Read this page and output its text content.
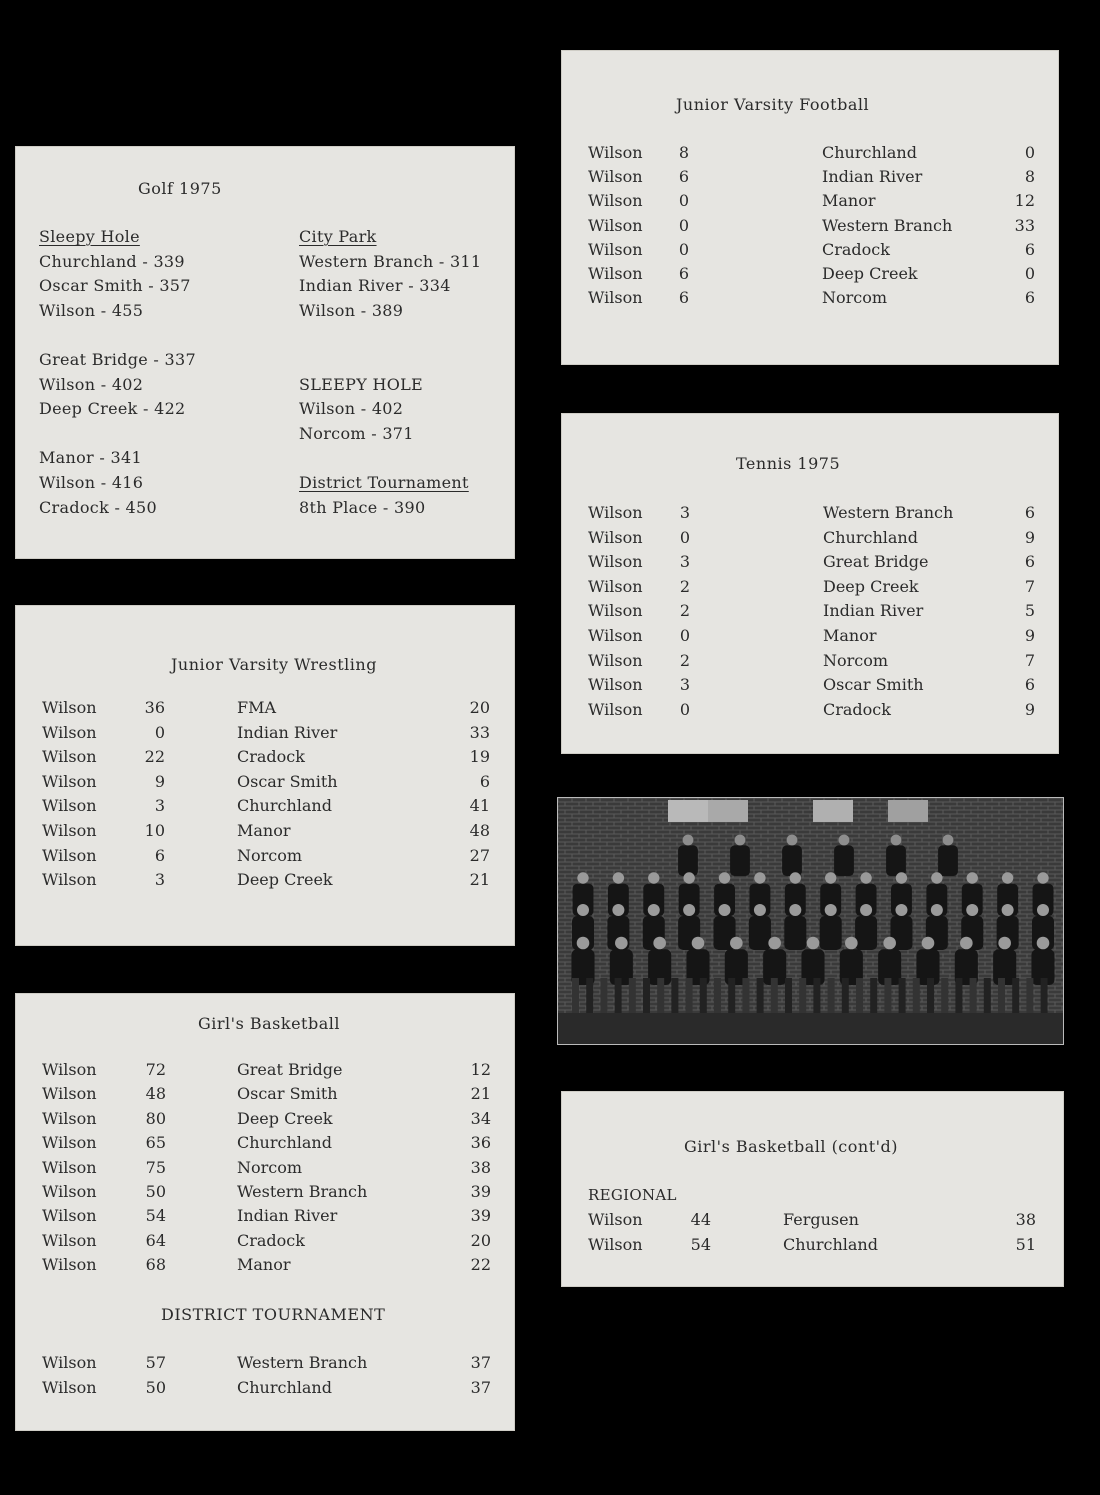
Golf 1975
Sleepy Hole
Churchland - 339
Oscar Smith - 357
Wilson - 455
Great Bridge - 337
Wilson - 402
Deep Creek - 422
Manor - 341
Wilson - 416
Cradock - 450
City Park
Western Branch - 311
Indian River - 334
Wilson - 389
SLEEPY HOLE
Wilson - 402
Norcom - 371
District Tournament
8th Place - 390
Junior Varsity Wrestling
Wilson	36	FMA	20
Wilson	0	Indian River	33
Wilson	22	Cradock	19
Wilson	9	Oscar Smith	6
Wilson	3	Churchland	41
Wilson	10	Manor	48
Wilson	6	Norcom	27
Wilson	3	Deep Creek	21
Girl's Basketball
Wilson	72	Great Bridge	12
Wilson	48	Oscar Smith	21
Wilson	80	Deep Creek	34
Wilson	65	Churchland	36
Wilson	75	Norcom	38
Wilson	50	Western Branch	39
Wilson	54	Indian River	39
Wilson	64	Cradock	20
Wilson	68	Manor	22
DISTRICT TOURNAMENT
Wilson	57	Western Branch	37
Wilson	50	Churchland	37
Junior Varsity Football
Wilson	8	Churchland	0
Wilson	6	Indian River	8
Wilson	0	Manor	12
Wilson	0	Western Branch	33
Wilson	0	Cradock	6
Wilson	6	Deep Creek	0
Wilson	6	Norcom	6
Tennis 1975
Wilson	3	Western Branch	6
Wilson	0	Churchland	9
Wilson	3	Great Bridge	6
Wilson	2	Deep Creek	7
Wilson	2	Indian River	5
Wilson	0	Manor	9
Wilson	2	Norcom	7
Wilson	3	Oscar Smith	6
Wilson	0	Cradock	9
Girl's Basketball (cont'd)
REGIONAL
Wilson	44	Fergusen	38
Wilson	54	Churchland	51
